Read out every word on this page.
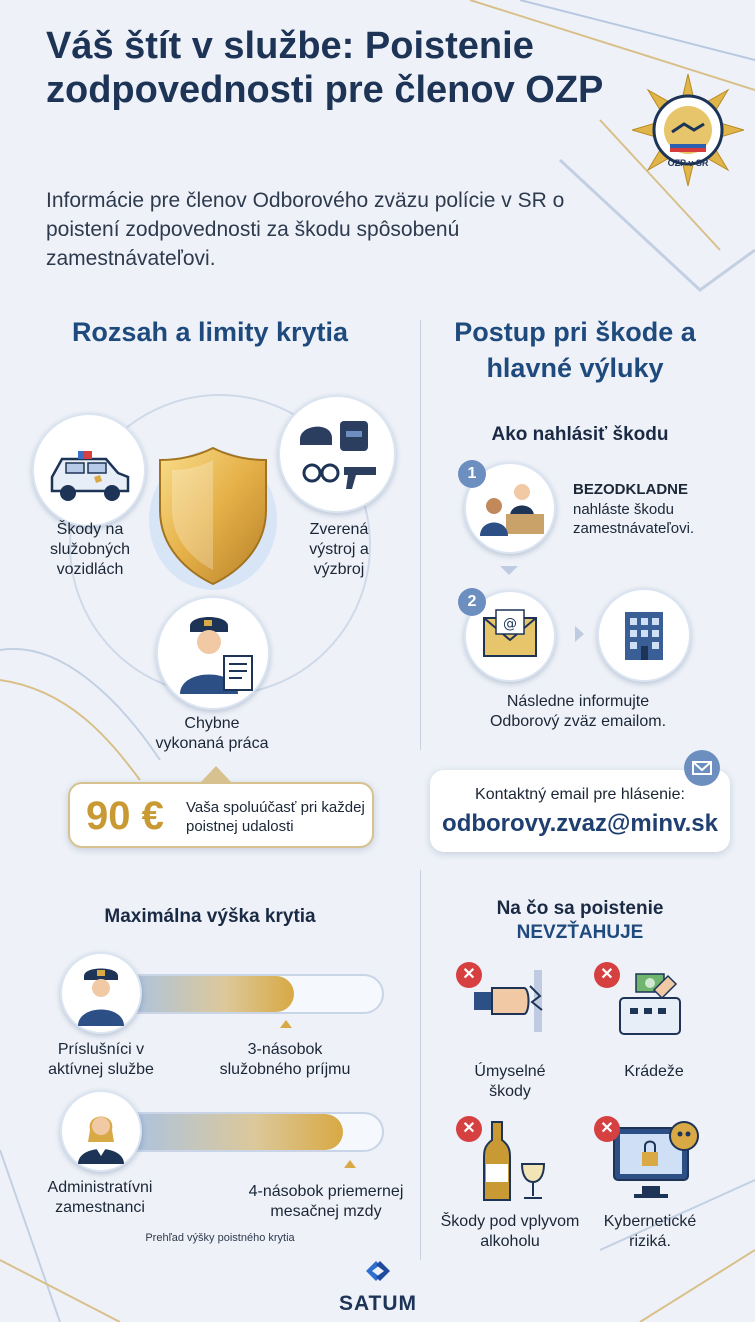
Váš štít v službe: Poistenie zodpovednosti pre členov OZP
Informácie pre členov Odborového zväzu polície v SR o poistení zodpovednosti za škodu spôsobenú zamestnávateľovi.
OZP v SR
Rozsah a limity krytia	Postup pri škode a hlavné výluky
Škody na služobných vozidlách
Zverená výstroj a výzbroj
Chybne vykonaná práca
90 € Vaša spoluúčasť pri každej poistnej udalosti
Maximálna výška krytia
Príslušníci v aktívnej službe
3-násobok služobného príjmu
Administratívni zamestnanci
4-násobok priemernej mesačnej mzdy
Prehľad výšky poistného krytia
Ako nahlásiť škodu
1
BEZODKLADNE
nahláste škodu zamestnávateľovi.
@
2
Následne informujte Odborový zväz emailom.
Kontaktný email pre hlásenie:
odborovy.zvaz@minv.sk
Na čo sa poistenie
NEVZŤAHUJE
✕
Úmyselné škody
✕
Krádeže
✕
Škody pod vplyvom alkoholu
✕
Kybernetické riziká.
SATUM
